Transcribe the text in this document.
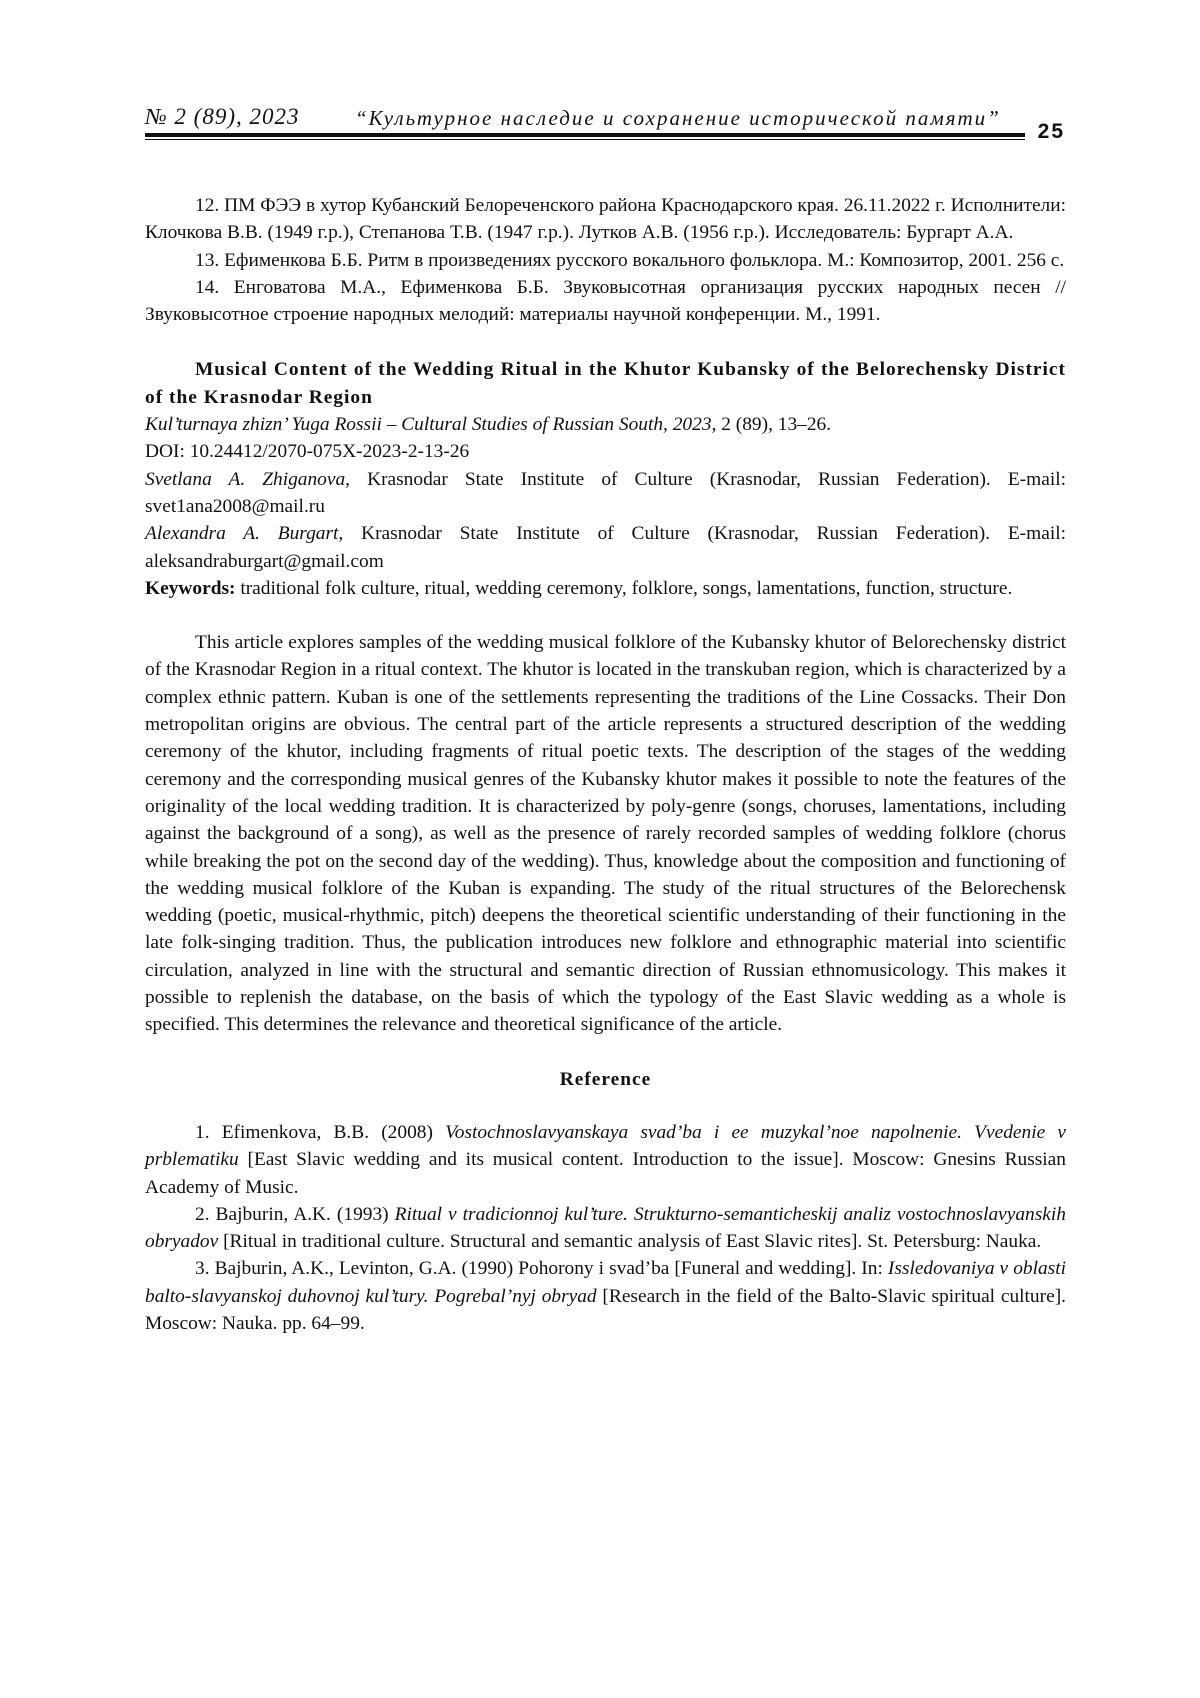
№ 2 (89), 2023	“Культурное наследие и сохранение исторической памяти”
25

12. ПМ ФЭЭ в хутор Кубанский Белореченского района Краснодарского края. 26.11.2022 г. Исполнители: Клочкова В.В. (1949 г.р.), Степанова Т.В. (1947 г.р.). Лутков А.В. (1956 г.р.). Исследователь: Бургарт А.А.

13. Ефименкова Б.Б. Ритм в произведениях русского вокального фольклора. М.: Композитор, 2001. 256 с.

14. Енговатова М.А., Ефименкова Б.Б. Звуковысотная организация русских народных песен // Звуковысотное строение народных мелодий: материалы научной конференции. М., 1991.

Musical Content of the Wedding Ritual in the Khutor Kubansky of the Belorechensky District of the Krasnodar Region

Kul’turnaya zhizn’ Yuga Rossii – Cultural Studies of Russian South, 2023, 2 (89), 13–26.

DOI: 10.24412/2070-075X-2023-2-13-26

Svetlana A. Zhiganova, Krasnodar State Institute of Culture (Krasnodar, Russian Federation). E-mail: svet1ana2008@mail.ru

Alexandra A. Burgart, Krasnodar State Institute of Culture (Krasnodar, Russian Federation). E-mail: aleksandraburgart@gmail.com

Keywords: traditional folk culture, ritual, wedding ceremony, folklore, songs, lamentations, function, structure.

This article explores samples of the wedding musical folklore of the Kubansky khutor of Belorechensky district of the Krasnodar Region in a ritual context. The khutor is located in the transkuban region, which is characterized by a complex ethnic pattern. Kuban is one of the settlements representing the traditions of the Line Cossacks. Their Don metropolitan origins are obvious. The central part of the article represents a structured description of the wedding ceremony of the khutor, including fragments of ritual poetic texts. The description of the stages of the wedding ceremony and the corresponding musical genres of the Kubansky khutor makes it possible to note the features of the originality of the local wedding tradition. It is characterized by poly-genre (songs, choruses, lamentations, including against the background of a song), as well as the presence of rarely recorded samples of wedding folklore (chorus while breaking the pot on the second day of the wedding). Thus, knowledge about the composition and functioning of the wedding musical folklore of the Kuban is expanding. The study of the ritual structures of the Belorechensk wedding (poetic, musical-rhythmic, pitch) deepens the theoretical scientific understanding of their functioning in the late folk-singing tradition. Thus, the publication introduces new folklore and ethnographic material into scientific circulation, analyzed in line with the structural and semantic direction of Russian ethnomusicology. This makes it possible to replenish the database, on the basis of which the typology of the East Slavic wedding as a whole is specified. This determines the relevance and theoretical significance of the article.

Reference

1. Efimenkova, B.B. (2008) Vostochnoslavyanskaya svad’ba i ee muzykal’noe napolnenie. Vvedenie v prblematiku [East Slavic wedding and its musical content. Introduction to the issue]. Moscow: Gnesins Russian Academy of Music.

2. Bajburin, A.K. (1993) Ritual v tradicionnoj kul’ture. Strukturno-semanticheskij analiz vostochnoslavyanskih obryadov [Ritual in traditional culture. Structural and semantic analysis of East Slavic rites]. St. Petersburg: Nauka.

3. Bajburin, A.K., Levinton, G.A. (1990) Pohorony i svad’ba [Funeral and wedding]. In: Issledovaniya v oblasti balto-slavyanskoj duhovnoj kul’tury. Pogrebal’nyj obryad [Research in the field of the Balto-Slavic spiritual culture]. Moscow: Nauka. pp. 64–99.
